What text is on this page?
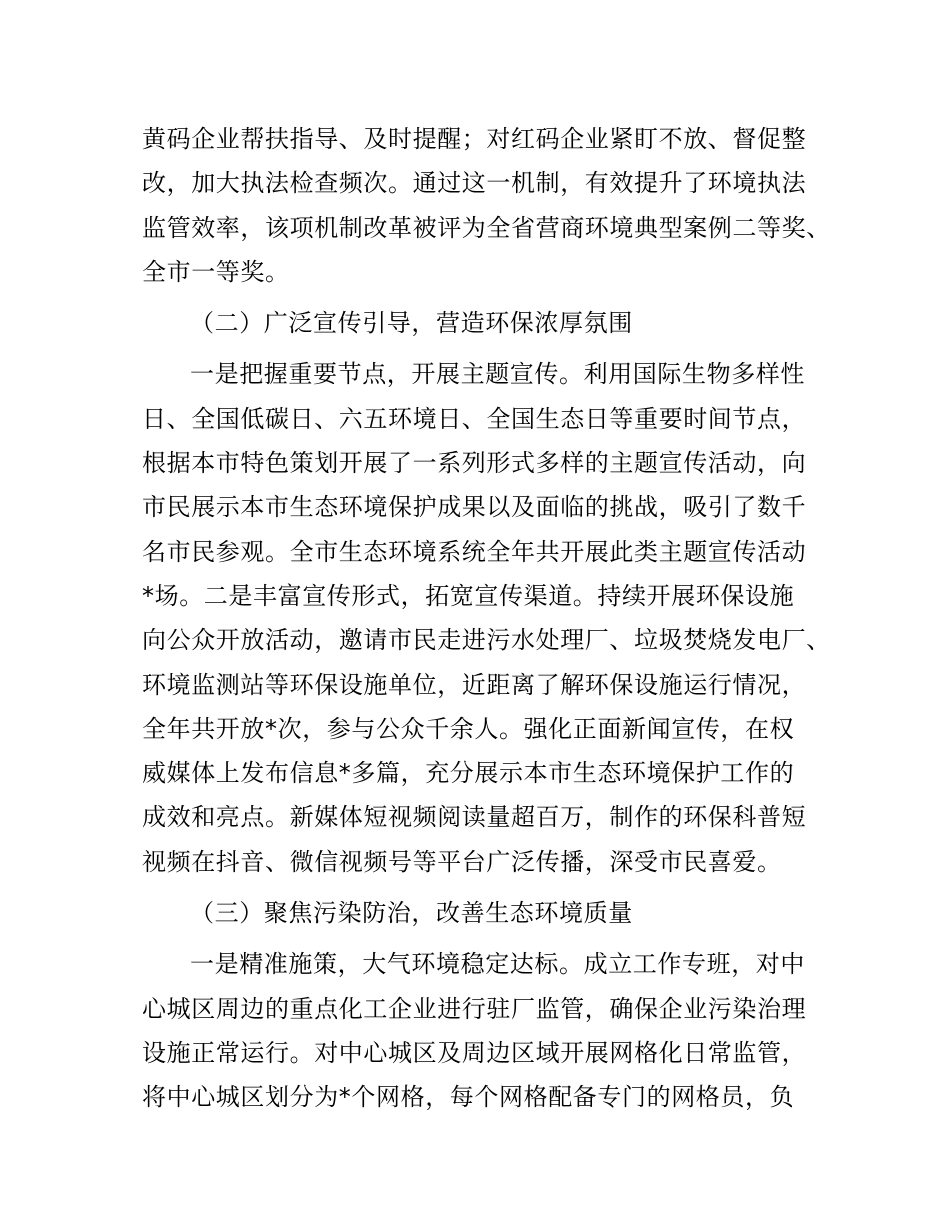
黄码企业帮扶指导、及时提醒；对红码企业紧盯不放、督促整
改，加大执法检查频次。通过这一机制，有效提升了环境执法
监管效率，该项机制改革被评为全省营商环境典型案例二等奖、
全市一等奖。
（二）广泛宣传引导，营造环保浓厚氛围
一是把握重要节点，开展主题宣传。利用国际生物多样性
日、全国低碳日、六五环境日、全国生态日等重要时间节点，
根据本市特色策划开展了一系列形式多样的主题宣传活动，向
市民展示本市生态环境保护成果以及面临的挑战，吸引了数千
名市民参观。全市生态环境系统全年共开展此类主题宣传活动
*场。二是丰富宣传形式，拓宽宣传渠道。持续开展环保设施
向公众开放活动，邀请市民走进污水处理厂、垃圾焚烧发电厂、
环境监测站等环保设施单位，近距离了解环保设施运行情况，
全年共开放*次，参与公众千余人。强化正面新闻宣传，在权
威媒体上发布信息*多篇，充分展示本市生态环境保护工作的
成效和亮点。新媒体短视频阅读量超百万，制作的环保科普短
视频在抖音、微信视频号等平台广泛传播，深受市民喜爱。
（三）聚焦污染防治，改善生态环境质量
一是精准施策，大气环境稳定达标。成立工作专班，对中
心城区周边的重点化工企业进行驻厂监管，确保企业污染治理
设施正常运行。对中心城区及周边区域开展网格化日常监管，
将中心城区划分为*个网格，每个网格配备专门的网格员，负
